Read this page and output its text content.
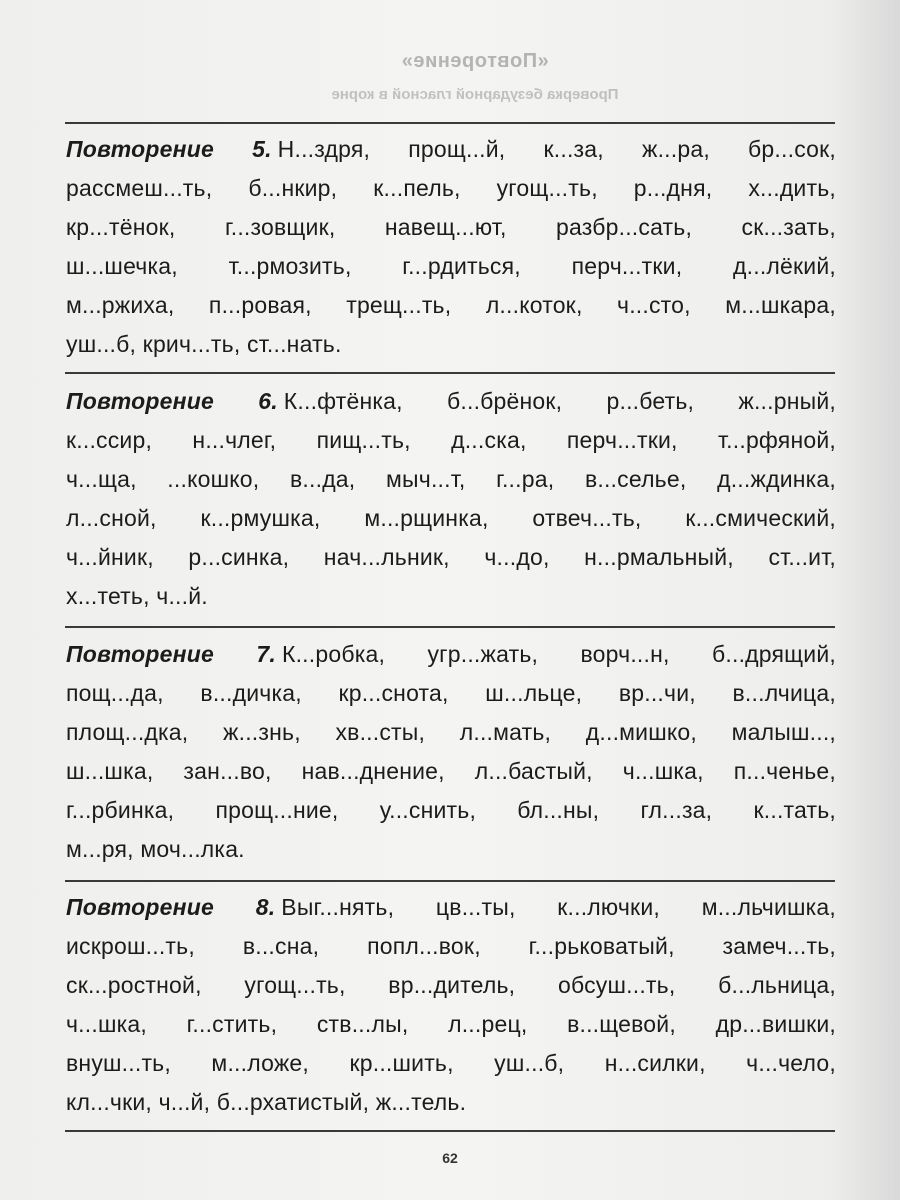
«Повторение»
Проверка безударной гласной в корне
Повторение 5. Н...здря, прощ...й, к...за, ж...ра, бр...сок,
рассмеш...ть, б...нкир, к...пель, угощ...ть, р...дня, х...дить,
кр...тёнок, г...зовщик, навещ...ют, разбр...сать, ск...зать,
ш...шечка, т...рмозить, г...рдиться, перч...тки, д...лёкий,
м...ржиха, п...ровая, трещ...ть, л...коток, ч...сто, м...шкара,
уш...б, крич...ть, ст...нать.
Повторение 6. К...фтёнка, б...брёнок, р...беть, ж...рный,
к...ссир, н...члег, пищ...ть, д...ска, перч...тки, т...рфяной,
ч...ща, ...кошко, в...да, мыч...т, г...ра, в...селье, д...ждинка,
л...сной, к...рмушка, м...рщинка, отвеч...ть, к...смический,
ч...йник, р...синка, нач...льник, ч...до, н...рмальный, ст...ит,
х...теть, ч...й.
Повторение 7. К...робка, угр...жать, ворч...н, б...дрящий,
пощ...да, в...дичка, кр...снота, ш...льце, вр...чи, в...лчица,
площ...дка, ж...знь, хв...сты, л...мать, д...мишко, малыш...,
ш...шка, зан...во, нав...днение, л...бастый, ч...шка, п...ченье,
г...рбинка, прощ...ние, у...снить, бл...ны, гл...за, к...тать,
м...ря, моч...лка.
Повторение 8. Выг...нять, цв...ты, к...лючки, м...льчишка,
искрош...ть, в...сна, попл...вок, г...рьковатый, замеч...ть,
ск...ростной, угощ...ть, вр...дитель, обсуш...ть, б...льница,
ч...шка, г...стить, ств...лы, л...рец, в...щевой, др...вишки,
внуш...ть, м...ложе, кр...шить, уш...б, н...силки, ч...чело,
кл...чки, ч...й, б...рхатистый, ж...тель.
62
